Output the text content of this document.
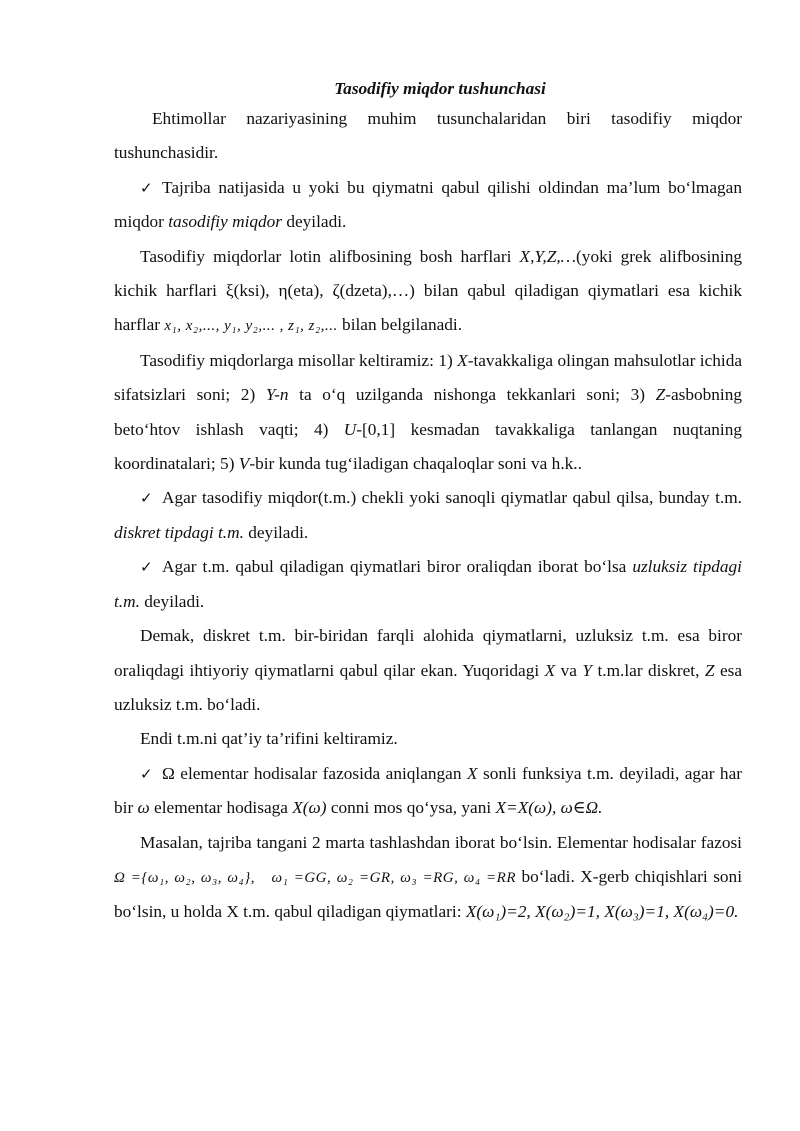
Tasodifiy miqdor tushunchasi

Ehtimollar nazariyasining muhim tusunchalaridan biri tasodifiy miqdor tushunchasidir.

✓ Tajriba natijasida u yoki bu qiymatni qabul qilishi oldindan ma’lum bo‘lmagan miqdor tasodifiy miqdor deyiladi.

Tasodifiy miqdorlar lotin alifbosining bosh harflari X,Y,Z,…(yoki grek alifbosining kichik harflari ξ(ksi), η(eta), ζ(dzeta),…) bilan qabul qiladigan qiymatlari esa kichik harflar x₁, x₂,..., y₁, y₂,... , z₁, z₂,... bilan belgilanadi.

Tasodifiy miqdorlarga misollar keltiramiz: 1) X-tavakkaliga olingan mahsulotlar ichida sifatsizlari soni; 2) Y-n ta o‘q uzilganda nishonga tekkanlari soni; 3) Z-asbobning beto‘htov ishlash vaqti; 4) U-[0,1] kesmadan tavakkaliga tanlangan nuqtaning koordinatalari; 5) V-bir kunda tug‘iladigan chaqaloqlar soni va h.k..

✓ Agar tasodifiy miqdor(t.m.) chekli yoki sanoqli qiymatlar qabul qilsa, bunday t.m. diskret tipdagi t.m. deyiladi.

✓ Agar t.m. qabul qiladigan qiymatlari biror oraliqdan iborat bo‘lsa uzluksiz tipdagi t.m. deyiladi.

Demak, diskret t.m. bir-biridan farqli alohida qiymatlarni, uzluksiz t.m. esa biror oraliqdagi ihtiyoriy qiymatlarni qabul qilar ekan. Yuqoridagi X va Y t.m.lar diskret, Z esa uzluksiz t.m. bo‘ladi.

Endi t.m.ni qat’iy ta’rifini keltiramiz.

✓ Ω elementar hodisalar fazosida aniqlangan X sonli funksiya t.m. deyiladi, agar har bir ω elementar hodisaga X(ω) conni mos qo‘ysa, yani X=X(ω), ω∈Ω.

Masalan, tajriba tangani 2 marta tashlashdan iborat bo‘lsin. Elementar hodisalar fazosi Ω ={ω₁, ω₂, ω₃, ω₄}, ω₁ =GG, ω₂ =GR, ω₃ =RG, ω₄ =RR bo‘ladi. X-gerb chiqishlari soni bo‘lsin, u holda X t.m. qabul qiladigan qiymatlari: X(ω₁)=2, X(ω₂)=1, X(ω₃)=1, X(ω₄)=0.
